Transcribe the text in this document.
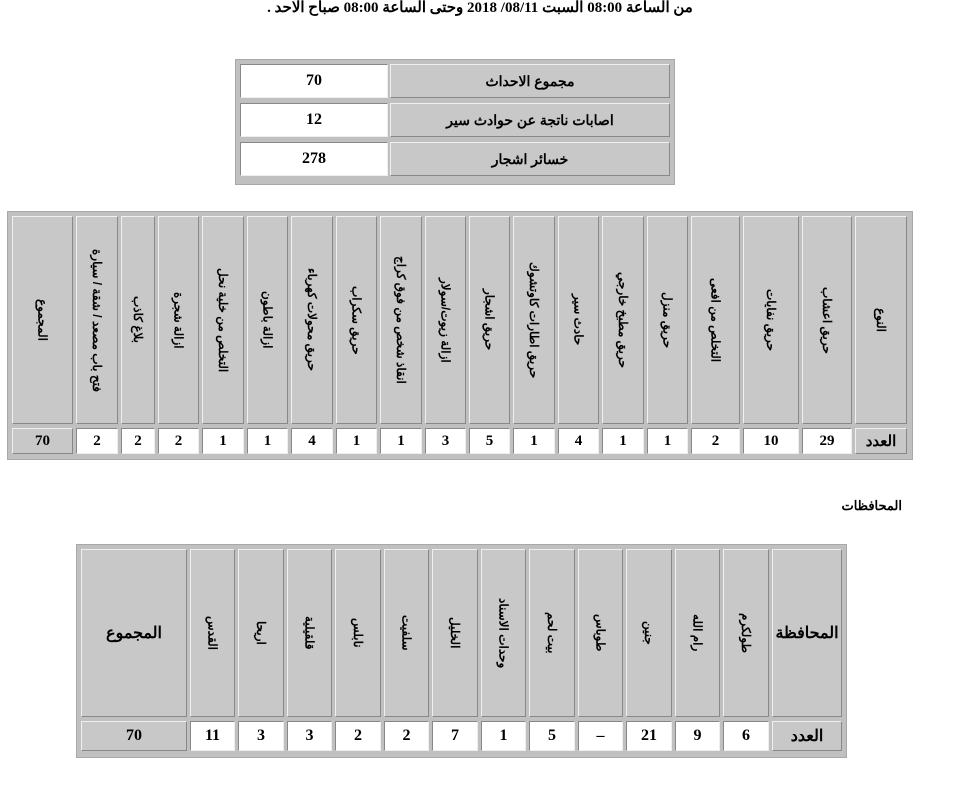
من الساعة 08:00 السبت 08/11/ 2018 وحتى الساعة 08:00 صباح الاحد .
مجموع الاحداث
70
اصابات ناتجة عن حوادث سير
12
خسائر اشجار
278
النوع
العدد
حريق اعشاب
29
حريق نفايات
10
التخلص من افعى
2
حريق منزل
1
حريق مطبخ خارجي
1
حادث سير
4
حريق اطارات كاوتشوك
1
حريق اشجار
5
ازالة زيوت/سولار
3
انقاذ شخص من فوق كراج
1
حريق سكراب
1
حريق محولات كهرباء
4
ازالة باطون
1
التخلص من خلية نحل
1
ازالة شجرة
2
بلاغ كاذب
2
فتح باب مصعد / شقة / سيارة
2
المجموع
70
المحافظات
المحافظة
العدد
طولكرم
6
رام الله
9
جنين
21
طوباس
–
بيت لحم
5
وحدات الاسناد
1
الخليل
7
سلفيت
2
نابلس
2
قلقيلية
3
اريحا
3
القدس
11
المجموع
70
